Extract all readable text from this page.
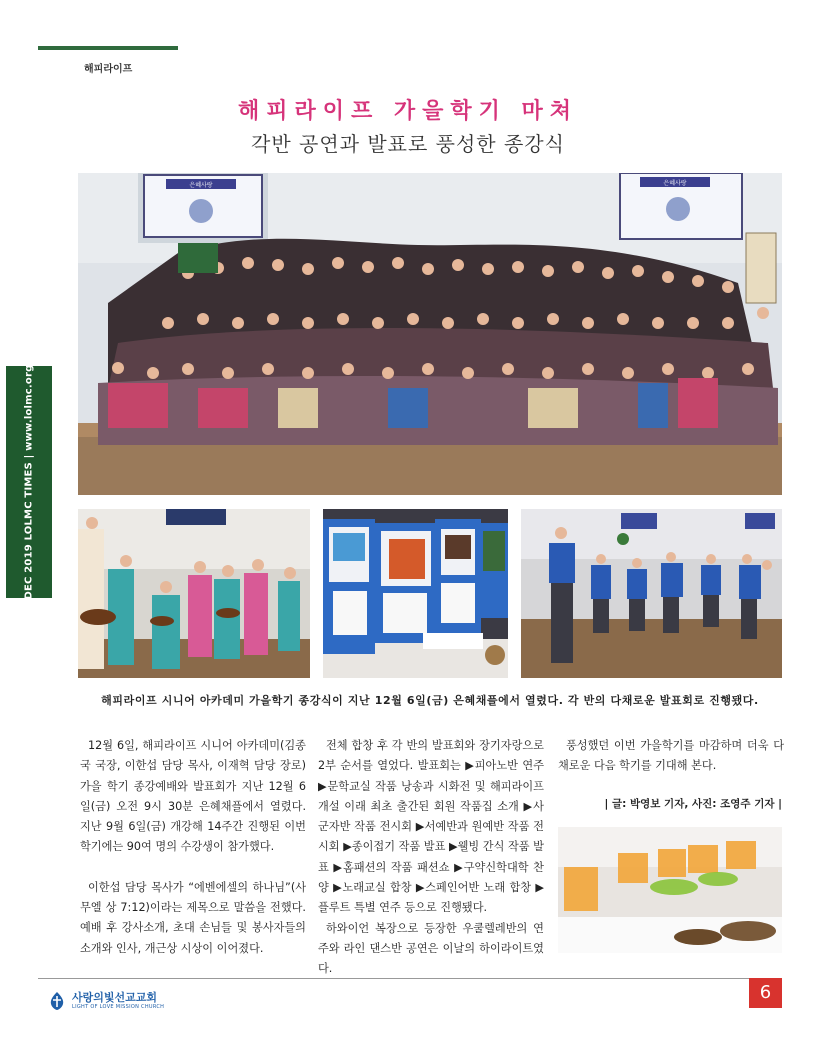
해피라이프
DEC 2019 LOLMC TIMES | www.lolmc.org
해피라이프 가을학기 마쳐
각반 공연과 발표로 풍성한 종강식
은혜사랑	은혜사랑
해피라이프 시니어 아카데미 가을학기 종강식이 지난 12월 6일(금) 은혜채플에서 열렸다. 각 반의 다채로운 발표회로 진행됐다.

12월 6일, 해피라이프 시니어 아카데미(김종국 국장, 이한섭 담당 목사, 이재혁 담당 장로) 가을 학기 종강예배와 발표회가 지난 12월 6일(금) 오전 9시 30분 은혜채플에서 열렸다. 지난 9월 6일(금) 개강해 14주간 진행된 이번 학기에는 90여 명의 수강생이 참가했다.

이한섭 담당 목사가 “에벤에셀의 하나님”(사무엘 상 7:12)이라는 제목으로 말씀을 전했다. 예배 후 강사소개, 초대 손님들 및 봉사자들의 소개와 인사, 개근상 시상이 이어졌다.

전체 합창 후 각 반의 발표회와 장기자랑으로 2부 순서를 열었다. 발표회는 ▶피아노반 연주 ▶문학교실 작품 낭송과 시화전 및 해피라이프 개설 이래 최초 출간된 회원 작품집 소개 ▶사군자반 작품 전시회 ▶서예반과 원예반 작품 전시회 ▶종이접기 작품 발표 ▶웰빙 간식 작품 발표 ▶홈패션의 작품 패션쇼 ▶구약신학대학 찬양 ▶노래교실 합창 ▶스페인어반 노래 합창 ▶플루트 특별 연주 등으로 진행됐다.

하와이언 복장으로 등장한 우쿨렐레반의 연주와 라인 댄스반 공연은 이날의 하이라이트였다.

풍성했던 이번 가을학기를 마감하며 더욱 다채로운 다음 학기를 기대해 본다.

| 글: 박영보 기자, 사진: 조영주 기자 |
사랑의빛선교교회
LIGHT OF LOVE MISSION CHURCH
6
